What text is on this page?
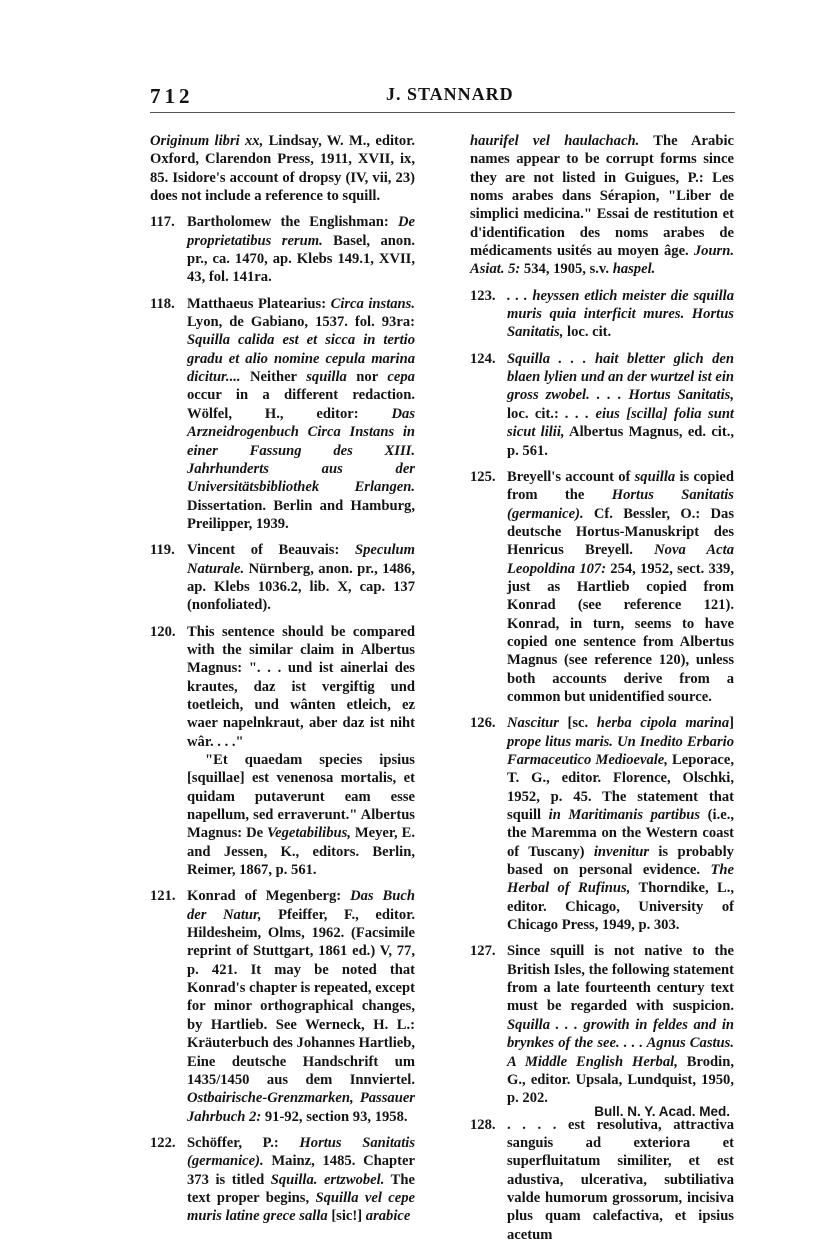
712	J. STANNARD

Originum libri xx, Lindsay, W. M., editor. Oxford, Clarendon Press, 1911, XVII, ix, 85. Isidore's account of dropsy (IV, vii, 23) does not include a reference to squill.

117. Bartholomew the Englishman: De proprietatibus rerum. Basel, anon. pr., ca. 1470, ap. Klebs 149.1, XVII, 43, fol. 141ra.

118. Matthaeus Platearius: Circa instans. Lyon, de Gabiano, 1537. fol. 93ra: Squilla calida est et sicca in tertio gradu et alio nomine cepula marina dicitur.... Neither squilla nor cepa occur in a different redaction. Wölfel, H., editor: Das Arzneidrogenbuch Circa Instans in einer Fassung des XIII. Jahrhunderts aus der Universitätsbibliothek Erlangen. Dissertation. Berlin and Hamburg, Preilipper, 1939.

119. Vincent of Beauvais: Speculum Naturale. Nürnberg, anon. pr., 1486, ap. Klebs 1036.2, lib. X, cap. 137 (nonfoliated).

120. This sentence should be compared with the similar claim in Albertus Magnus: ". . . und ist ainerlai des krautes, daz ist vergiftig und toetleich, und wânten etleich, ez waer napelnkraut, aber daz ist niht wâr. . . ."

"Et quaedam species ipsius [squillae] est venenosa mortalis, et quidam putaverunt eam esse napellum, sed erraverunt." Albertus Magnus: De Vegetabilibus, Meyer, E. and Jessen, K., editors. Berlin, Reimer, 1867, p. 561.

121. Konrad of Megenberg: Das Buch der Natur, Pfeiffer, F., editor. Hildesheim, Olms, 1962. (Facsimile reprint of Stuttgart, 1861 ed.) V, 77, p. 421. It may be noted that Konrad's chapter is repeated, except for minor orthographical changes, by Hartlieb. See Werneck, H. L.: Kräuterbuch des Johannes Hartlieb, Eine deutsche Handschrift um 1435/1450 aus dem Innviertel. Ostbairische-Grenzmarken, Passauer Jahrbuch 2: 91-92, section 93, 1958.

122. Schöffer, P.: Hortus Sanitatis (germanice). Mainz, 1485. Chapter 373 is titled Squilla. ertzwobel. The text proper begins, Squilla vel cepe muris latine grece salla [sic!] arabice

haurifel vel haulachach. The Arabic names appear to be corrupt forms since they are not listed in Guigues, P.: Les noms arabes dans Sérapion, "Liber de simplici medicina." Essai de restitution et d'identification des noms arabes de médicaments usités au moyen âge. Journ. Asiat. 5: 534, 1905, s.v. haspel.

123. . . . heyssen etlich meister die squilla muris quia interficit mures. Hortus Sanitatis, loc. cit.

124. Squilla . . . hait bletter glich den blaen lylien und an der wurtzel ist ein gross zwobel. . . . Hortus Sanitatis, loc. cit.: . . . eius [scilla] folia sunt sicut lilii, Albertus Magnus, ed. cit., p. 561.

125. Breyell's account of squilla is copied from the Hortus Sanitatis (germanice). Cf. Bessler, O.: Das deutsche Hortus-Manuskript des Henricus Breyell. Nova Acta Leopoldina 107: 254, 1952, sect. 339, just as Hartlieb copied from Konrad (see reference 121). Konrad, in turn, seems to have copied one sentence from Albertus Magnus (see reference 120), unless both accounts derive from a common but unidentified source.

126. Nascitur [sc. herba cipola marina] prope litus maris. Un Inedito Erbario Farmaceutico Medioevale, Leporace, T. G., editor. Florence, Olschki, 1952, p. 45. The statement that squill in Maritimanis partibus (i.e., the Maremma on the Western coast of Tuscany) invenitur is probably based on personal evidence. The Herbal of Rufinus, Thorndike, L., editor. Chicago, University of Chicago Press, 1949, p. 303.

127. Since squill is not native to the British Isles, the following statement from a late fourteenth century text must be regarded with suspicion. Squilla . . . growith in feldes and in brynkes of the see. . . . Agnus Castus. A Middle English Herbal, Brodin, G., editor. Upsala, Lundquist, 1950, p. 202.

128. . . . . est resolutiva, attractiva sanguis ad exteriora et superfluitatum similiter, et est adustiva, ulcerativa, subtiliativa valde humorum grossorum, incisiva plus quam calefactiva, et ipsius acetum

Bull. N. Y. Acad. Med.
